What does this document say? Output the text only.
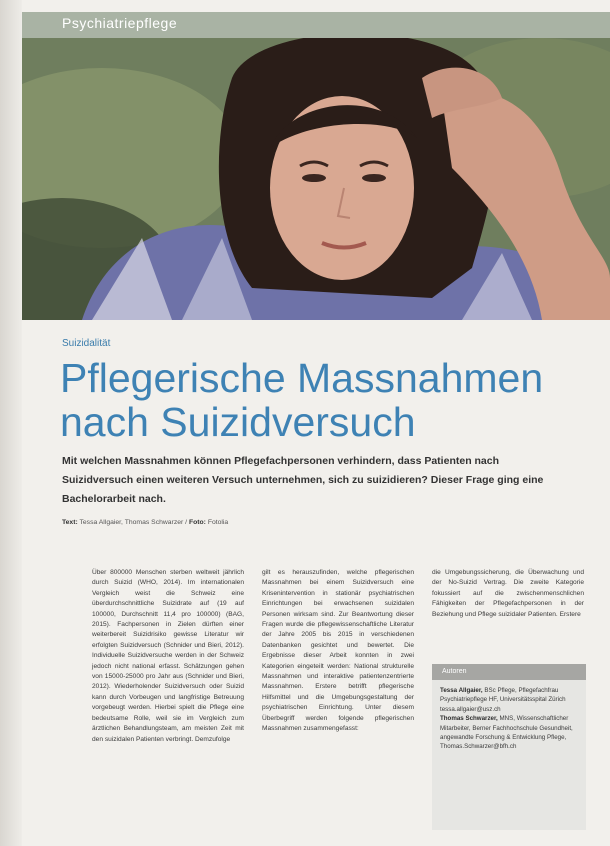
Psychiatriepflege
Suizidalität
Pflegerische Massnahmen
nach Suizidversuch

Mit welchen Massnahmen können Pflegefachpersonen verhindern, dass Patienten nach Suizidversuch einen weiteren Versuch unternehmen, sich zu suizidieren? Dieser Frage ging eine Bachelorarbeit nach.

Text: Tessa Allgaier, Thomas Schwarzer / Foto: Fotolia
Über 800000 Menschen sterben weltweit jährlich durch Suizid (WHO, 2014). Im internationalen Vergleich weist die Schweiz eine überdurchschnittliche Suizidrate auf (19 auf 100000, Durchschnitt 11,4 pro 100000) (BAG, 2015). Fachpersonen in Zielen dürften einer weiterbereit Suizidrisiko gewisse Literatur wir erfolgten Suizidversuch (Schnider und Bieri, 2012). Individuelle Suizidversuche werden in der Schweiz jedoch nicht national erfasst. Schätzungen gehen von 15000-25000 pro Jahr aus (Schnider und Bieri, 2012). Wiederholender Suizidversuch oder Suizid kann durch Vorbeugen und langfristige Betreuung vorgebeugt werden. Hierbei spielt die Pflege eine bedeutsame Rolle, weil sie im Vergleich zum ärztlichen Behandlungsteam, am meisten Zeit mit den suizidalen Patienten verbringt. Demzufolge
gilt es herauszufinden, welche pflegerischen Massnahmen bei einem Suizidversuch eine Krisenintervention in stationär psychiatrischen Einrichtungen bei erwachsenen suizidalen Personen wirksam sind. Zur Beantwortung dieser Fragen wurde die pflegewissenschaftliche Literatur der Jahre 2005 bis 2015 in verschiedenen Datenbanken gesichtet und bewertet. Die Ergebnisse dieser Arbeit konnten in zwei Kategorien eingeteilt werden: National strukturelle Massnahmen und interaktive patientenzentrierte Massnahmen. Erstere betrifft pflegerische Hilfsmittel und die Umgebungsgestaltung der psychiatrischen Einrichtung. Unter diesem Überbegriff werden folgende pflegerischen Massnahmen zusammengefasst:
die Umgebungssicherung, die Überwachung und der No-Suizid Vertrag. Die zweite Kategorie fokussiert auf die zwischenmenschlichen Fähigkeiten der Pflegefachpersonen in der Beziehung und Pflege suizidaler Patienten. Erstere
Autoren
Tessa Allgaier, BSc Pflege, Pflegefachfrau Psychiatriepflege HF, Universitätsspital Zürich tessa.allgaier@usz.ch
Thomas Schwarzer, MNS, Wissenschaftlicher Mitarbeiter, Berner Fachhochschule Gesundheit, angewandte Forschung & Entwicklung Pflege, Thomas.Schwarzer@bfh.ch
